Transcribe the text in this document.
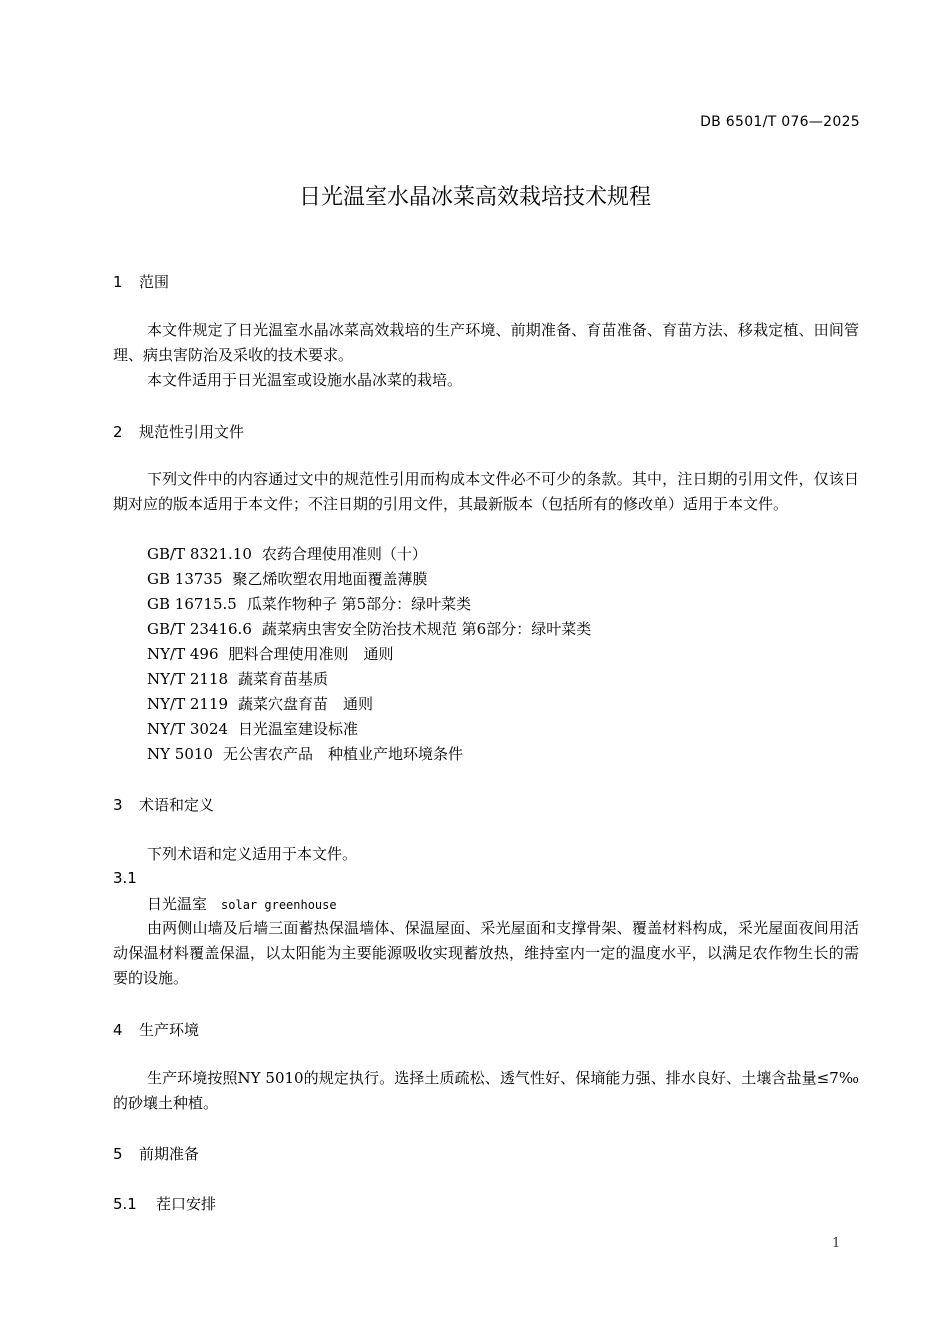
DB 6501/T 076—2025
日光温室水晶冰菜高效栽培技术规程
1 范围
本文件规定了日光温室水晶冰菜高效栽培的生产环境、前期准备、育苗准备、育苗方法、移栽定植、田间管理、病虫害防治及采收的技术要求。
本文件适用于日光温室或设施水晶冰菜的栽培。
2 规范性引用文件
下列文件中的内容通过文中的规范性引用而构成本文件必不可少的条款。其中，注日期的引用文件，仅该日期对应的版本适用于本文件；不注日期的引用文件，其最新版本（包括所有的修改单）适用于本文件。
GB/T 8321.10 农药合理使用准则（十）
GB 13735 聚乙烯吹塑农用地面覆盖薄膜
GB 16715.5 瓜菜作物种子 第5部分：绿叶菜类
GB/T 23416.6 蔬菜病虫害安全防治技术规范 第6部分：绿叶菜类
NY/T 496 肥料合理使用准则　通则
NY/T 2118 蔬菜育苗基质
NY/T 2119 蔬菜穴盘育苗　通则
NY/T 3024 日光温室建设标准
NY 5010 无公害农产品　种植业产地环境条件
3 术语和定义
下列术语和定义适用于本文件。
3.1
日光温室 solar greenhouse
由两侧山墙及后墙三面蓄热保温墙体、保温屋面、采光屋面和支撑骨架、覆盖材料构成，采光屋面夜间用活动保温材料覆盖保温，以太阳能为主要能源吸收实现蓄放热，维持室内一定的温度水平，以满足农作物生长的需要的设施。
4 生产环境
生产环境按照NY 5010的规定执行。选择土质疏松、透气性好、保墒能力强、排水良好、土壤含盐量≤7‰的砂壤土种植。
5 前期准备
5.1 茬口安排
1
